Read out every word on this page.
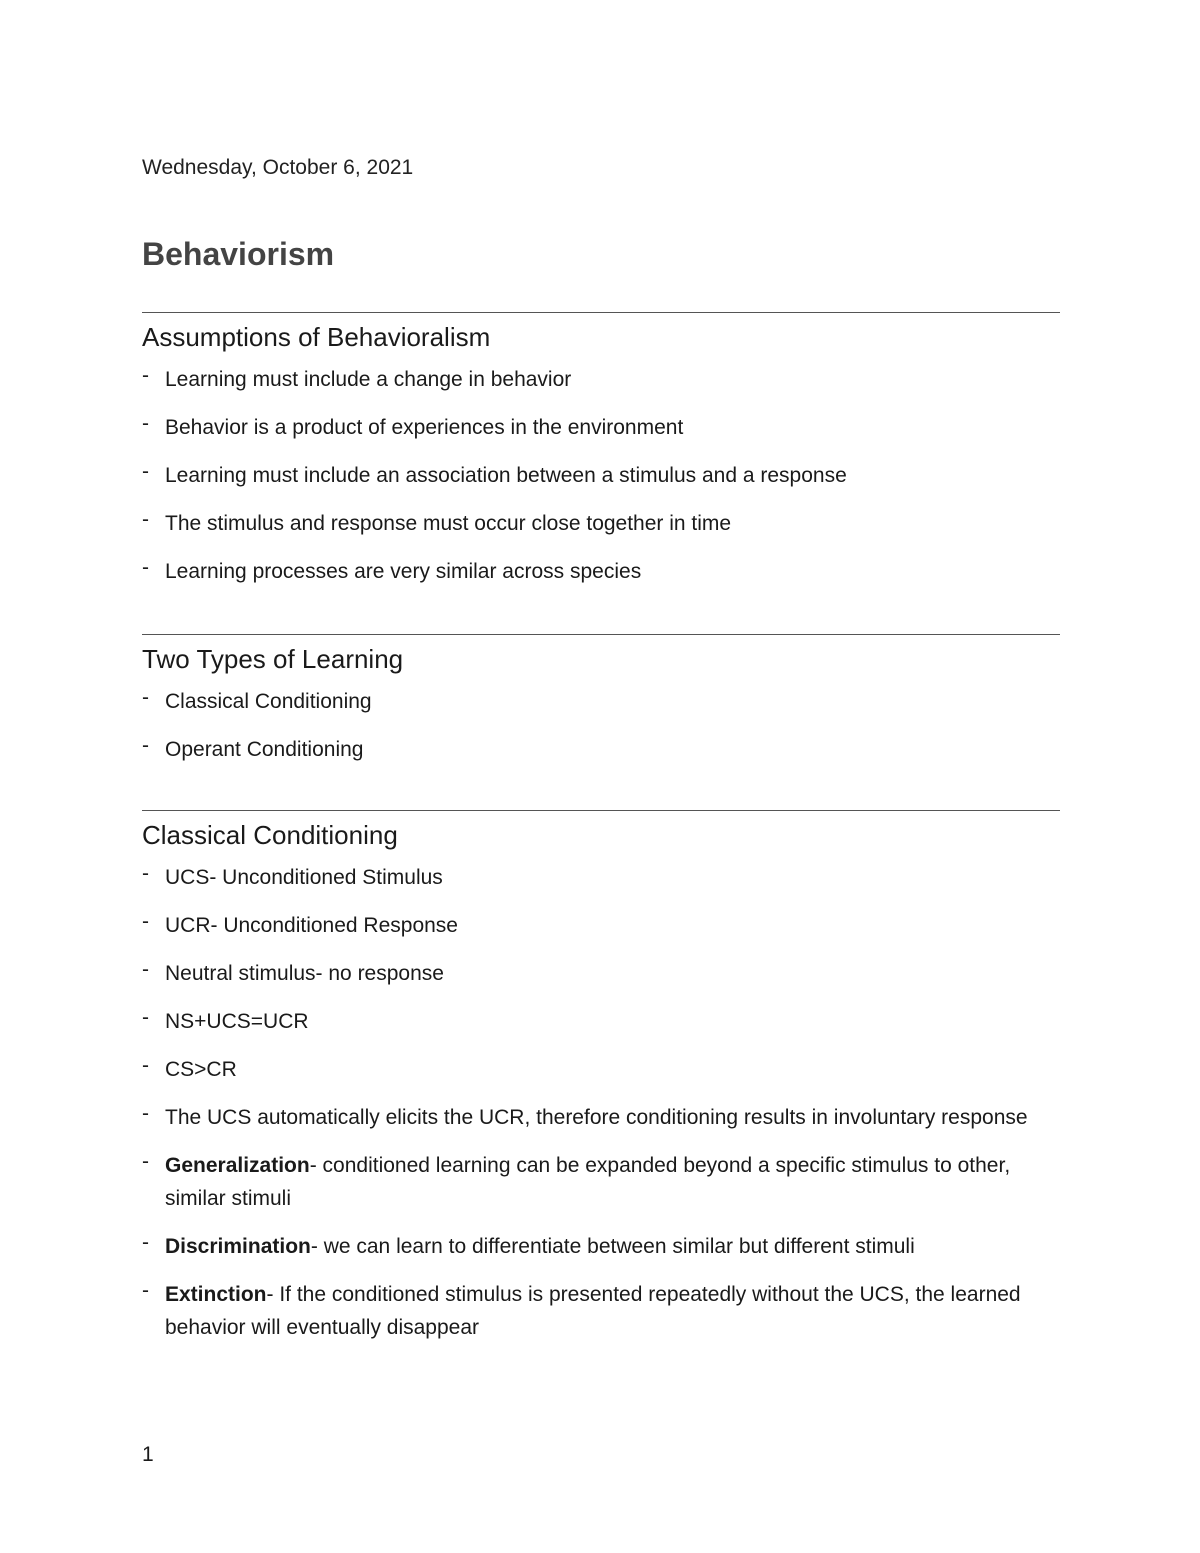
Wednesday, October 6, 2021
Behaviorism
Assumptions of Behavioralism
- Learning must include a change in behavior
- Behavior is a product of experiences in the environment
- Learning must include an association between a stimulus and a response
- The stimulus and response must occur close together in time
- Learning processes are very similar across species
Two Types of Learning
- Classical Conditioning
- Operant Conditioning
Classical Conditioning
- UCS- Unconditioned Stimulus
- UCR- Unconditioned Response
- Neutral stimulus- no response
- NS+UCS=UCR
- CS>CR
- The UCS automatically elicits the UCR, therefore conditioning results in involuntary response
- Generalization- conditioned learning can be expanded beyond a specific stimulus to other, similar stimuli
- Discrimination- we can learn to differentiate between similar but different stimuli
- Extinction- If the conditioned stimulus is presented repeatedly without the UCS, the learned behavior will eventually disappear
1
